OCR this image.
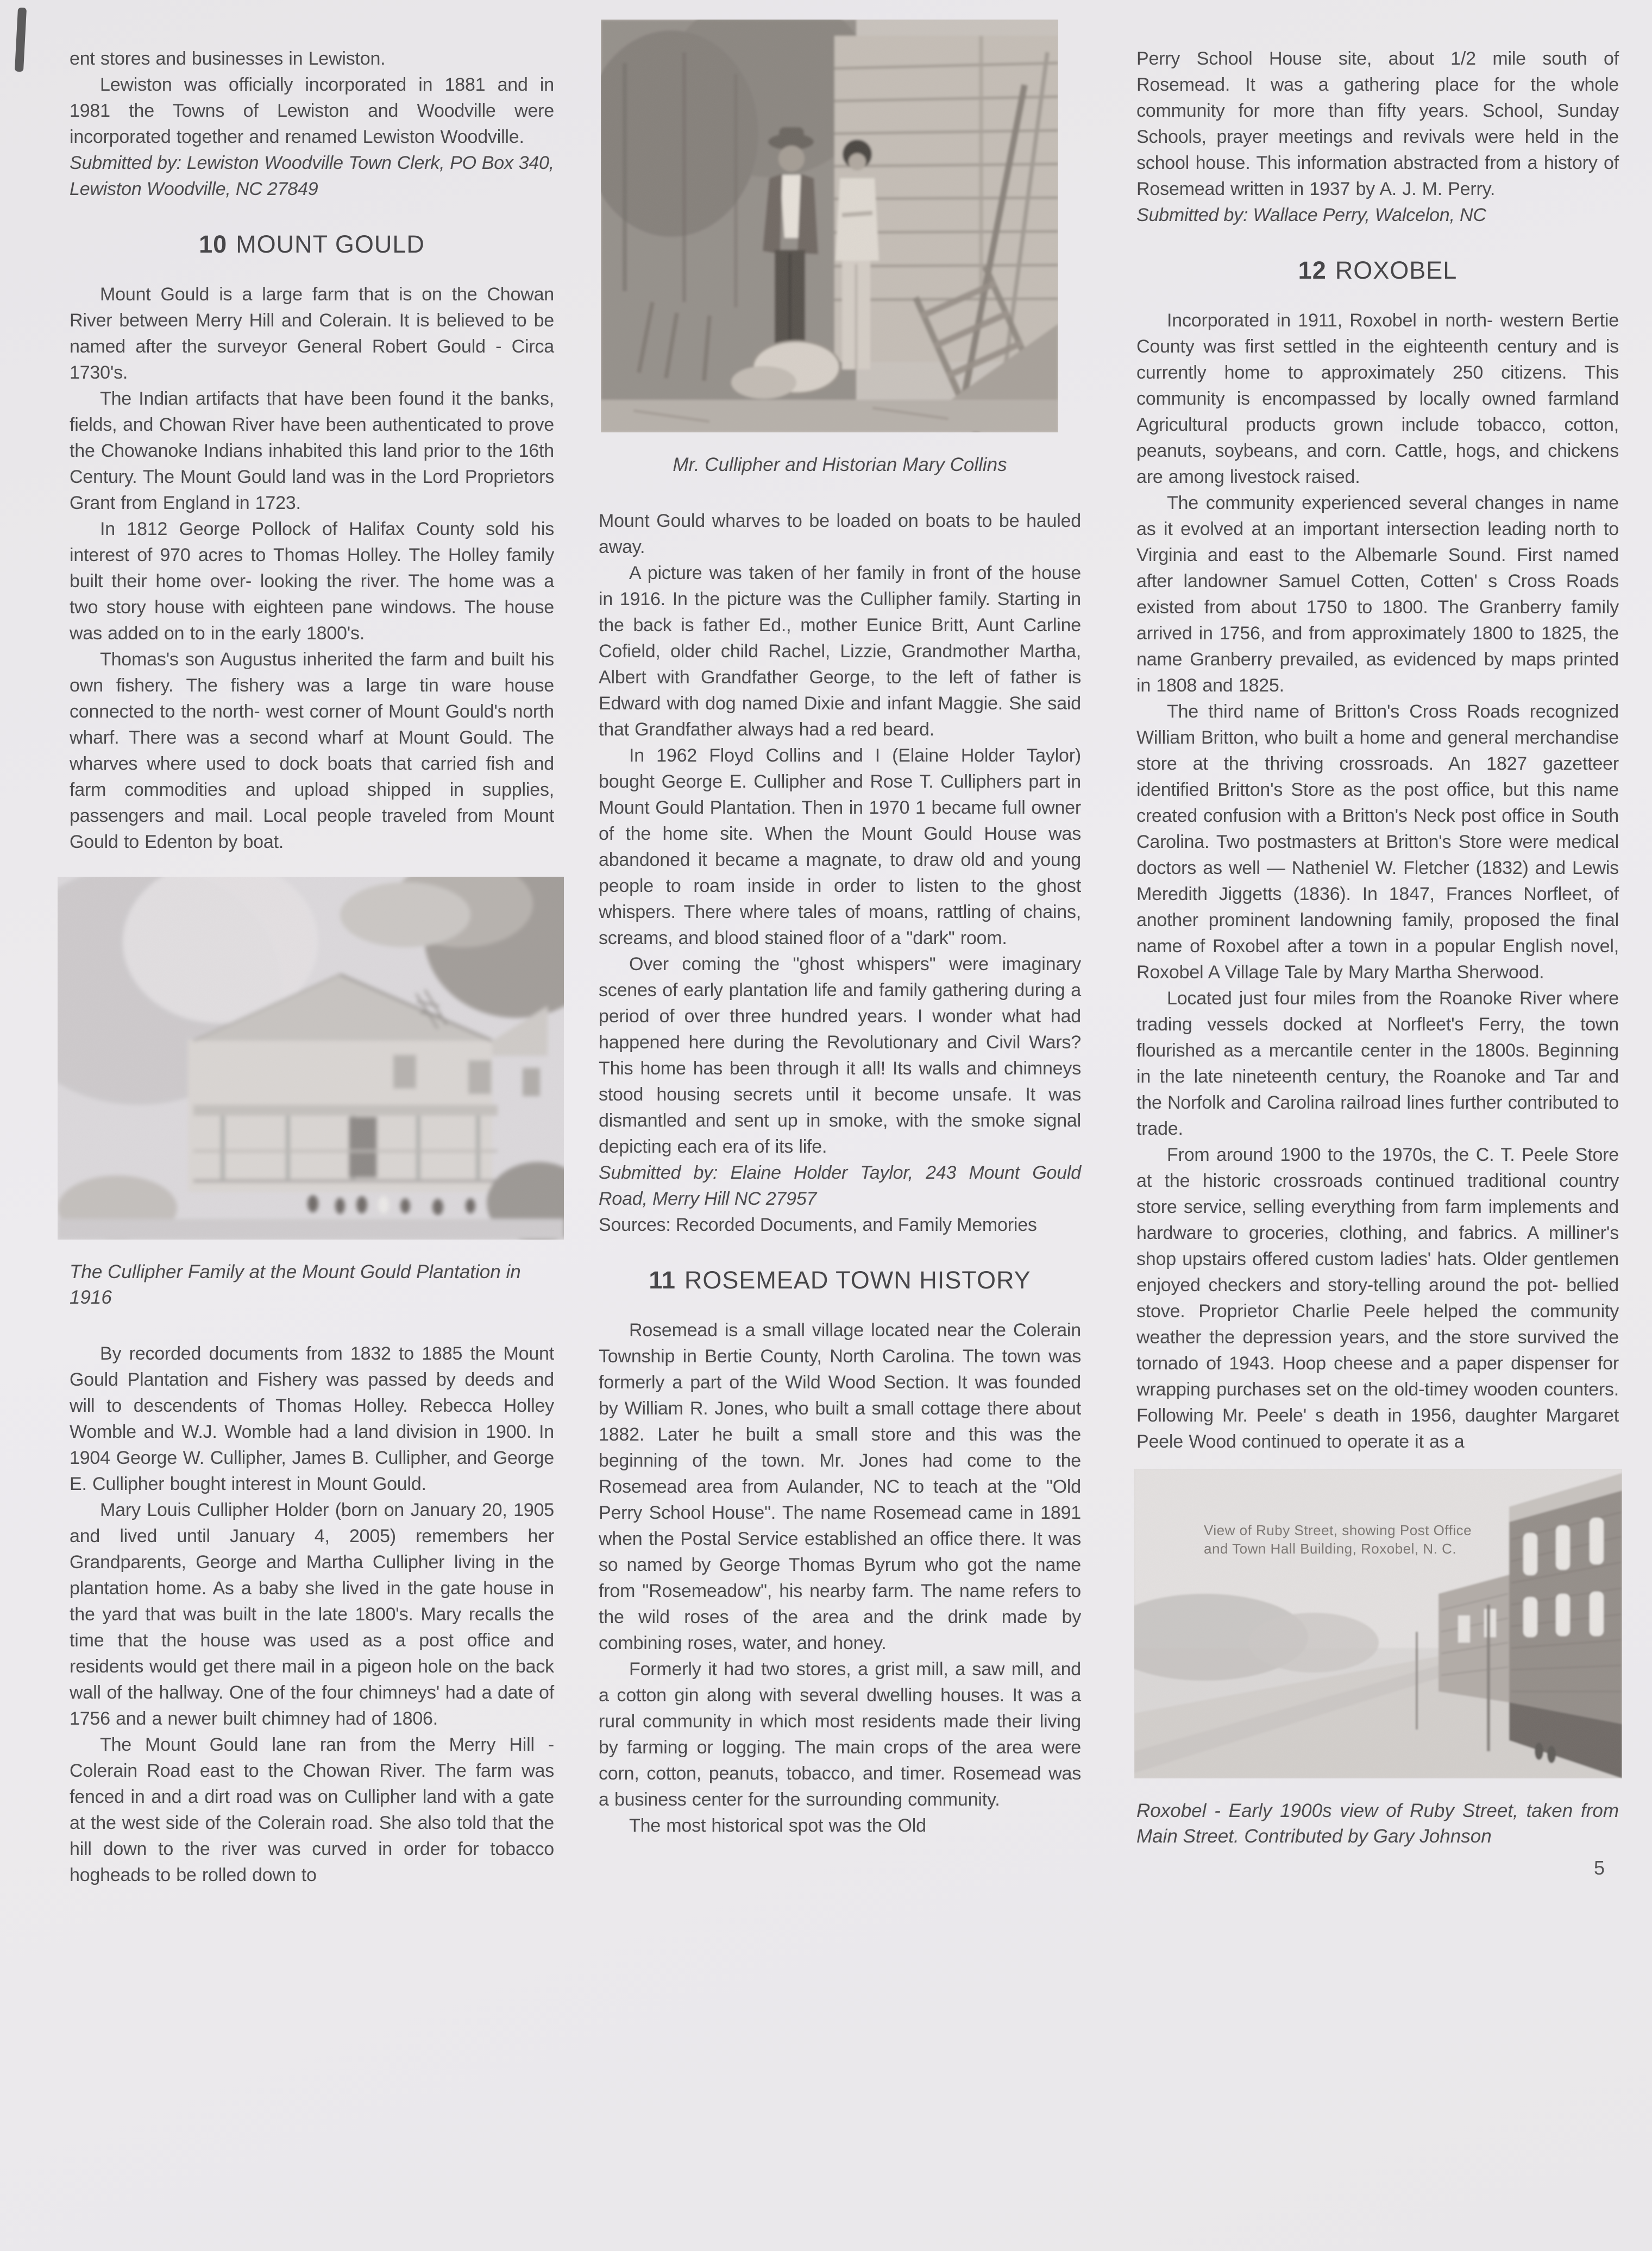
ent stores and businesses in Lewiston.

Lewiston was officially incorporated in 1881 and in 1981 the Towns of Lewiston and Woodville were incorporated together and renamed Lewiston Woodville.

Submitted by: Lewiston Woodville Town Clerk, PO Box 340, Lewiston Woodville, NC 27849

10 MOUNT GOULD

Mount Gould is a large farm that is on the Chowan River between Merry Hill and Colerain. It is believed to be named after the surveyor General Robert Gould - Circa 1730's.

The Indian artifacts that have been found it the banks, fields, and Chowan River have been authenticated to prove the Chowanoke Indians inhabited this land prior to the 16th Century. The Mount Gould land was in the Lord Proprietors Grant from England in 1723.

In 1812 George Pollock of Halifax County sold his interest of 970 acres to Thomas Holley. The Holley family built their home over- looking the river. The home was a two story house with eighteen pane windows. The house was added on to in the early 1800's.

Thomas's son Augustus inherited the farm and built his own fishery. The fishery was a large tin ware house connected to the north- west corner of Mount Gould's north wharf. There was a second wharf at Mount Gould. The wharves where used to dock boats that carried fish and farm commodities and upload shipped in supplies, passengers and mail. Local people traveled from Mount Gould to Edenton by boat.

The Cullipher Family at the Mount Gould Plantation in 1916

By recorded documents from 1832 to 1885 the Mount Gould Plantation and Fishery was passed by deeds and will to descendents of Thomas Holley. Rebecca Holley Womble and W.J. Womble had a land division in 1900. In 1904 George W. Cullipher, James B. Cullipher, and George E. Cullipher bought interest in Mount Gould.

Mary Louis Cullipher Holder (born on January 20, 1905 and lived until January 4, 2005) remembers her Grandparents, George and Martha Cullipher living in the plantation home. As a baby she lived in the gate house in the yard that was built in the late 1800's. Mary recalls the time that the house was used as a post office and residents would get there mail in a pigeon hole on the back wall of the hallway. One of the four chimneys' had a date of 1756 and a newer built chimney had of 1806.

The Mount Gould lane ran from the Merry Hill - Colerain Road east to the Chowan River. The farm was fenced in and a dirt road was on Cullipher land with a gate at the west side of the Colerain road. She also told that the hill down to the river was curved in order for tobacco hogheads to be rolled down to

Mr. Cullipher and Historian Mary Collins

Mount Gould wharves to be loaded on boats to be hauled away.

A picture was taken of her family in front of the house in 1916. In the picture was the Cullipher family. Starting in the back is father Ed., mother Eunice Britt, Aunt Carline Cofield, older child Rachel, Lizzie, Grandmother Martha, Albert with Grandfather George, to the left of father is Edward with dog named Dixie and infant Maggie. She said that Grandfather always had a red beard.

In 1962 Floyd Collins and I (Elaine Holder Taylor) bought George E. Cullipher and Rose T. Culliphers part in Mount Gould Plantation. Then in 1970 1 became full owner of the home site. When the Mount Gould House was abandoned it became a magnate, to draw old and young people to roam inside in order to listen to the ghost whispers. There where tales of moans, rattling of chains, screams, and blood stained floor of a "dark" room.

Over coming the "ghost whispers" were imaginary scenes of early plantation life and family gathering during a period of over three hundred years. I wonder what had happened here during the Revolutionary and Civil Wars? This home has been through it all! Its walls and chimneys stood housing secrets until it become unsafe. It was dismantled and sent up in smoke, with the smoke signal depicting each era of its life.

Submitted by: Elaine Holder Taylor, 243 Mount Gould Road, Merry Hill NC 27957

Sources: Recorded Documents, and Family Memories

11 ROSEMEAD TOWN HISTORY

Rosemead is a small village located near the Colerain Township in Bertie County, North Carolina. The town was formerly a part of the Wild Wood Section. It was founded by William R. Jones, who built a small cottage there about 1882. Later he built a small store and this was the beginning of the town. Mr. Jones had come to the Rosemead area from Aulander, NC to teach at the "Old Perry School House". The name Rosemead came in 1891 when the Postal Service established an office there. It was so named by George Thomas Byrum who got the name from "Rosemeadow", his nearby farm. The name refers to the wild roses of the area and the drink made by combining roses, water, and honey.

Formerly it had two stores, a grist mill, a saw mill, and a cotton gin along with several dwelling houses. It was a rural community in which most residents made their living by farming or logging. The main crops of the area were corn, cotton, peanuts, tobacco, and timer. Rosemead was a business center for the surrounding community.

The most historical spot was the Old

Perry School House site, about 1/2 mile south of Rosemead. It was a gathering place for the whole community for more than fifty years. School, Sunday Schools, prayer meetings and revivals were held in the school house. This information abstracted from a history of Rosemead written in 1937 by A. J. M. Perry.

Submitted by: Wallace Perry, Walcelon, NC

12 ROXOBEL

Incorporated in 1911, Roxobel in north- western Bertie County was first settled in the eighteenth century and is currently home to approximately 250 citizens. This community is encompassed by locally owned farmland Agricultural products grown include tobacco, cotton, peanuts, soybeans, and corn. Cattle, hogs, and chickens are among livestock raised.

The community experienced several changes in name as it evolved at an important intersection leading north to Virginia and east to the Albemarle Sound. First named after landowner Samuel Cotten, Cotten' s Cross Roads existed from about 1750 to 1800. The Granberry family arrived in 1756, and from approximately 1800 to 1825, the name Granberry prevailed, as evidenced by maps printed in 1808 and 1825.

The third name of Britton's Cross Roads recognized William Britton, who built a home and general merchandise store at the thriving crossroads. An 1827 gazetteer identified Britton's Store as the post office, but this name created confusion with a Britton's Neck post office in South Carolina. Two postmasters at Britton's Store were medical doctors as well — Natheniel W. Fletcher (1832) and Lewis Meredith Jiggetts (1836). In 1847, Frances Norfleet, of another prominent landowning family, proposed the final name of Roxobel after a town in a popular English novel, Roxobel A Village Tale by Mary Martha Sherwood.

Located just four miles from the Roanoke River where trading vessels docked at Norfleet's Ferry, the town flourished as a mercantile center in the 1800s. Beginning in the late nineteenth century, the Roanoke and Tar and the Norfolk and Carolina railroad lines further contributed to trade.

From around 1900 to the 1970s, the C. T. Peele Store at the historic crossroads continued traditional country store service, selling everything from farm implements and hardware to groceries, clothing, and fabrics. A milliner's shop upstairs offered custom ladies' hats. Older gentlemen enjoyed checkers and story-telling around the pot- bellied stove. Proprietor Charlie Peele helped the community weather the depression years, and the store survived the tornado of 1943. Hoop cheese and a paper dispenser for wrapping purchases set on the old-timey wooden counters. Following Mr. Peele' s death in 1956, daughter Margaret Peele Wood continued to operate it as a

View of Ruby Street, showing Post Office
and Town Hall Building, Roxobel, N. C.

Roxobel - Early 1900s view of Ruby Street, taken from Main Street. Contributed by Gary Johnson

5
